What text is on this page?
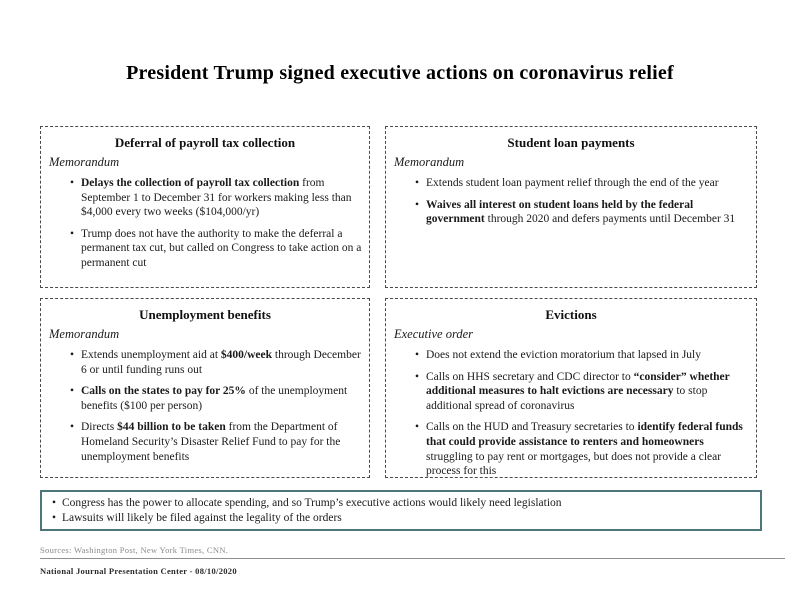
President Trump signed executive actions on coronavirus relief
Deferral of payroll tax collection

Memorandum

• Delays the collection of payroll tax collection from September 1 to December 31 for workers making less than $4,000 every two weeks ($104,000/yr)
• Trump does not have the authority to make the deferral a permanent tax cut, but called on Congress to take action on a permanent cut
Student loan payments

Memorandum

• Extends student loan payment relief through the end of the year
• Waives all interest on student loans held by the federal government through 2020 and defers payments until December 31
Unemployment benefits

Memorandum

• Extends unemployment aid at $400/week through December 6 or until funding runs out
• Calls on the states to pay for 25% of the unemployment benefits ($100 per person)
• Directs $44 billion to be taken from the Department of Homeland Security’s Disaster Relief Fund to pay for the unemployment benefits
Evictions

Executive order

• Does not extend the eviction moratorium that lapsed in July
• Calls on HHS secretary and CDC director to “consider” whether additional measures to halt evictions are necessary to stop additional spread of coronavirus
• Calls on the HUD and Treasury secretaries to identify federal funds that could provide assistance to renters and homeowners struggling to pay rent or mortgages, but does not provide a clear process for this
• Congress has the power to allocate spending, and so Trump’s executive actions would likely need legislation
• Lawsuits will likely be filed against the legality of the orders

Sources: Washington Post, New York Times, CNN.

National Journal Presentation Center - 08/10/2020
